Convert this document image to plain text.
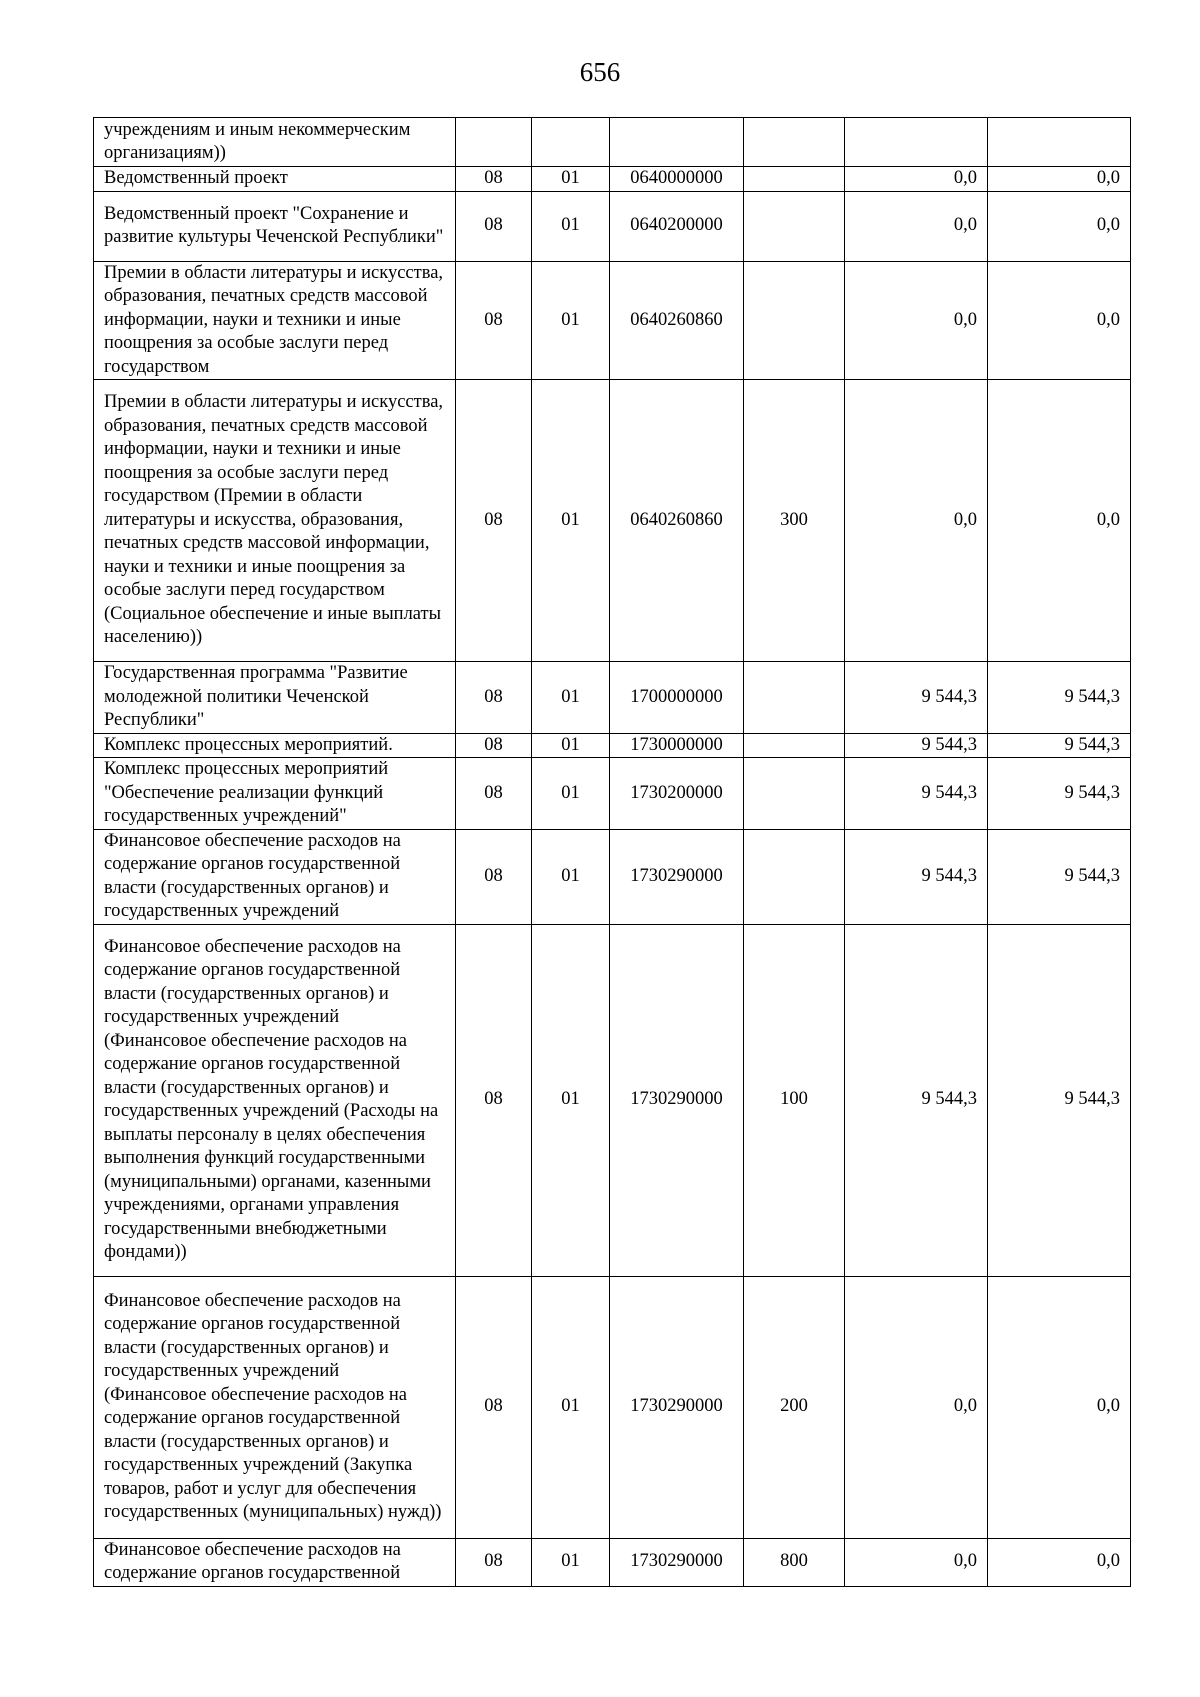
656
учреждениям и иным некоммерческим организациям))						
Ведомственный проект	08	01	0640000000		0,0	0,0
Ведомственный проект "Сохранение и развитие культуры Чеченской Республики"	08	01	0640200000		0,0	0,0
Премии в области литературы и искусства, образования, печатных средств массовой информации, науки и техники и иные поощрения за особые заслуги перед государством	08	01	0640260860		0,0	0,0
Премии в области литературы и искусства, образования, печатных средств массовой информации, науки и техники и иные поощрения за особые заслуги перед государством (Премии в области литературы и искусства, образования, печатных средств массовой информации, науки и техники и иные поощрения за особые заслуги перед государством (Социальное обеспечение и иные выплаты населению))	08	01	0640260860	300	0,0	0,0
Государственная программа "Развитие молодежной политики Чеченской Республики"	08	01	1700000000		9 544,3	9 544,3
Комплекс процессных мероприятий.	08	01	1730000000		9 544,3	9 544,3
Комплекс процессных мероприятий "Обеспечение реализации функций государственных учреждений"	08	01	1730200000		9 544,3	9 544,3
Финансовое обеспечение расходов на содержание органов государственной власти (государственных органов) и государственных учреждений	08	01	1730290000		9 544,3	9 544,3
Финансовое обеспечение расходов на содержание органов государственной власти (государственных органов) и государственных учреждений (Финансовое обеспечение расходов на содержание органов государственной власти (государственных органов) и государственных учреждений (Расходы на выплаты персоналу в целях обеспечения выполнения функций государственными (муниципальными) органами, казенными учреждениями, органами управления государственными внебюджетными фондами))	08	01	1730290000	100	9 544,3	9 544,3
Финансовое обеспечение расходов на содержание органов государственной власти (государственных органов) и государственных учреждений (Финансовое обеспечение расходов на содержание органов государственной власти (государственных органов) и государственных учреждений (Закупка товаров, работ и услуг для обеспечения государственных (муниципальных) нужд))	08	01	1730290000	200	0,0	0,0
Финансовое обеспечение расходов на содержание органов государственной	08	01	1730290000	800	0,0	0,0
